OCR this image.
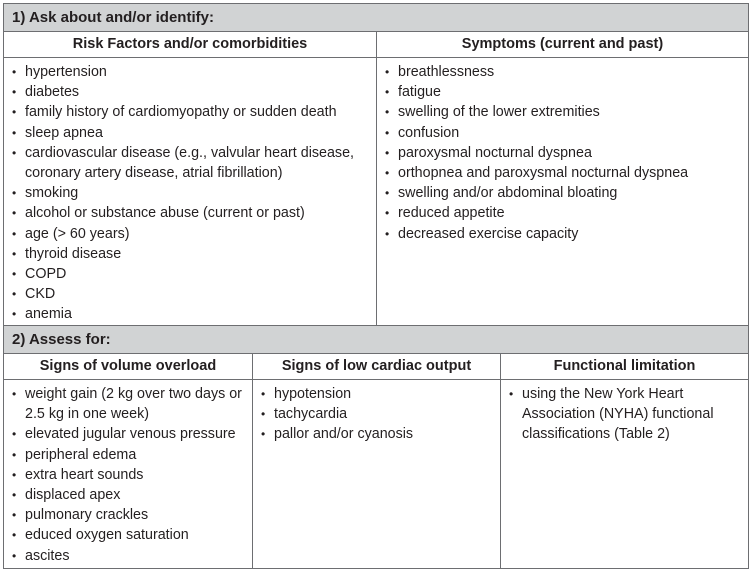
1) Ask about and/or identify:
Risk Factors and/or comorbidities
• hypertension
• diabetes
• family history of cardiomyopathy or sudden death
• sleep apnea
• cardiovascular disease (e.g., valvular heart disease, coronary artery disease, atrial fibrillation)
• smoking
• alcohol or substance abuse (current or past)
• age (> 60 years)
• thyroid disease
• COPD
• CKD
• anemia
Symptoms (current and past)
• breathlessness
• fatigue
• swelling of the lower extremities
• confusion
• paroxysmal nocturnal dyspnea
• orthopnea and paroxysmal nocturnal dyspnea
• swelling and/or abdominal bloating
• reduced appetite
• decreased exercise capacity
2) Assess for:
Signs of volume overload
• weight gain (2 kg over two days or 2.5 kg in one week)
• elevated jugular venous pressure
• peripheral edema
• extra heart sounds
• displaced apex
• pulmonary crackles
• educed oxygen saturation
• ascites
Signs of low cardiac output
• hypotension
• tachycardia
• pallor and/or cyanosis
Functional limitation
• using the New York Heart Association (NYHA) functional classifications (Table 2)
